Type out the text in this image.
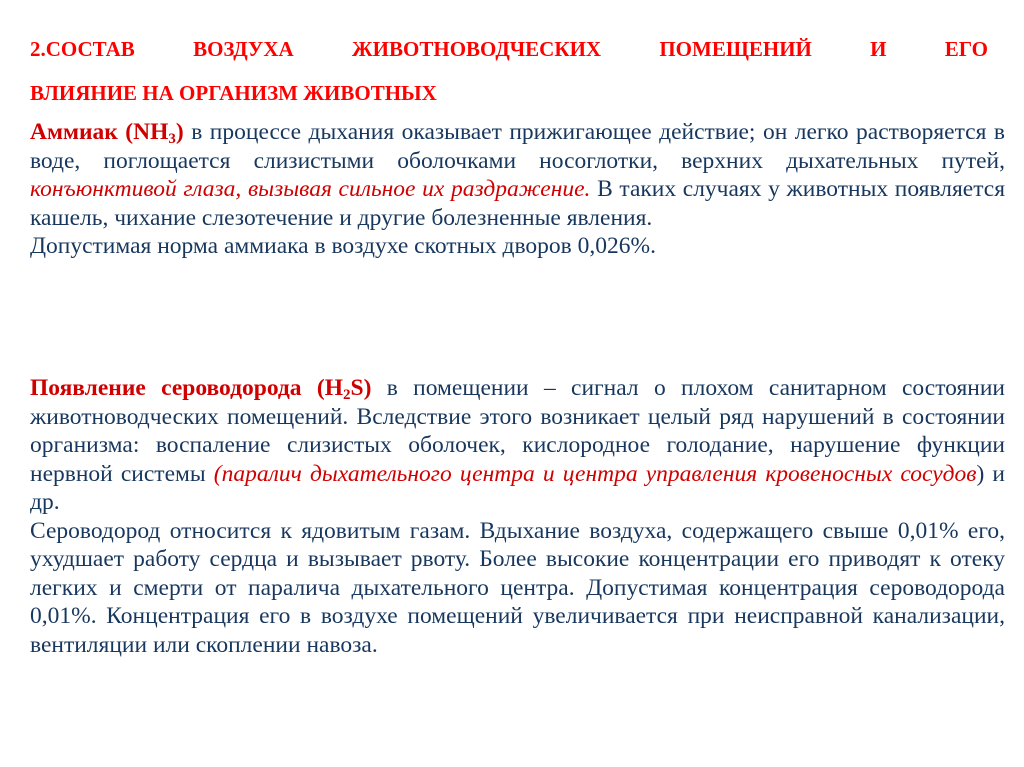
2.СОСТАВ	ВОЗДУХА	ЖИВОТНОВОДЧЕСКИХ	ПОМЕЩЕНИЙ	И	ЕГО
ВЛИЯНИЕ НА ОРГАНИЗМ ЖИВОТНЫХ
Аммиак $(NH_3)$ в процессе дыхания оказывает прижигающее действие; он легко растворяется в воде, поглощается слизистыми оболочками носоглотки, верхних дыхательных путей, конъюнктивой глаза, вызывая сильное их раздражение. В таких случаях у животных появляется кашель, чихание слезотечение и другие болезненные явления.
Допустимая норма аммиака в воздухе скотных дворов 0,026%.
Появление сероводорода $(H_2S)$ в помещении – сигнал о плохом санитарном состоянии животноводческих помещений. Вследствие этого возникает целый ряд нарушений в состоянии организма: воспаление слизистых оболочек, кислородное голодание, нарушение функции нервной системы (паралич дыхательного центра и центра управления кровеносных сосудов) и др.
Сероводород относится к ядовитым газам. Вдыхание воздуха, содержащего свыше 0,01% его, ухудшает работу сердца и вызывает рвоту. Более высокие концентрации его приводят к отеку легких и смерти от паралича дыхательного центра. Допустимая концентрация сероводорода 0,01%. Концентрация его в воздухе помещений увеличивается при неисправной канализации, вентиляции или скоплении навоза.
